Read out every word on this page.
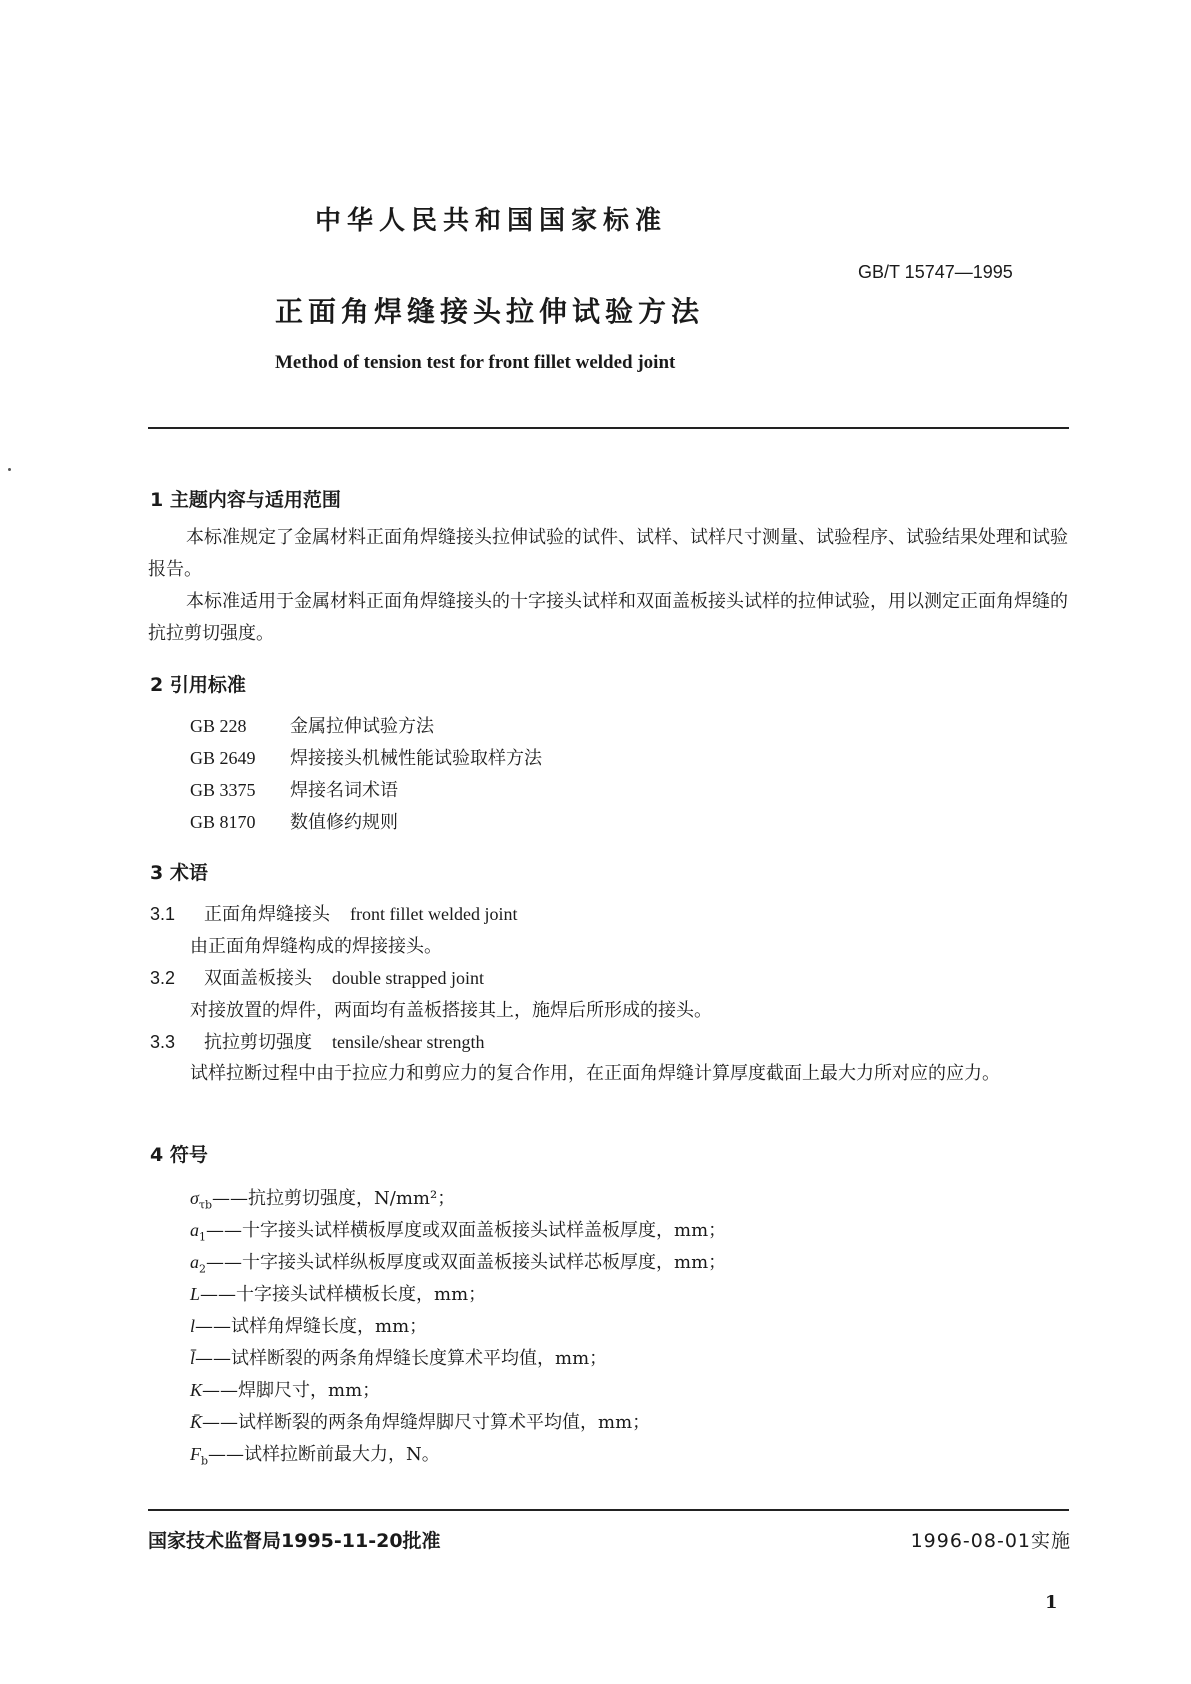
中华人民共和国国家标准
GB/T 15747—1995
正面角焊缝接头拉伸试验方法
Method of tension test for front fillet welded joint
1 主题内容与适用范围
本标准规定了金属材料正面角焊缝接头拉伸试验的试件、试样、试样尺寸测量、试验程序、试验结果处理和试验报告。
本标准适用于金属材料正面角焊缝接头的十字接头试样和双面盖板接头试样的拉伸试验，用以测定正面角焊缝的抗拉剪切强度。
2 引用标准
GB 228 金属拉伸试验方法
GB 2649 焊接接头机械性能试验取样方法
GB 3375 焊接名词术语
GB 8170 数值修约规则
3 术语
3.1 正面角焊缝接头 front fillet welded joint
由正面角焊缝构成的焊接接头。
3.2 双面盖板接头 double strapped joint
对接放置的焊件，两面均有盖板搭接其上，施焊后所形成的接头。
3.3 抗拉剪切强度 tensile/shear strength
试样拉断过程中由于拉应力和剪应力的复合作用，在正面角焊缝计算厚度截面上最大力所对应的应力。
4 符号
$\sigma_{\tau b}——$抗拉剪切强度，N/mm²；
$a_1——$十字接头试样横板厚度或双面盖板接头试样盖板厚度，mm；
$a_2——$十字接头试样纵板厚度或双面盖板接头试样芯板厚度，mm；
L——十字接头试样横板长度，mm；
l——试样角焊缝长度，mm；
l̄——试样断裂的两条角焊缝长度算术平均值，mm；
K——焊脚尺寸，mm；
K̄——试样断裂的两条角焊缝焊脚尺寸算术平均值，mm；
$F_b——$试样拉断前最大力，N。
国家技术监督局1995-11-20批准	1996-08-01实施
1
